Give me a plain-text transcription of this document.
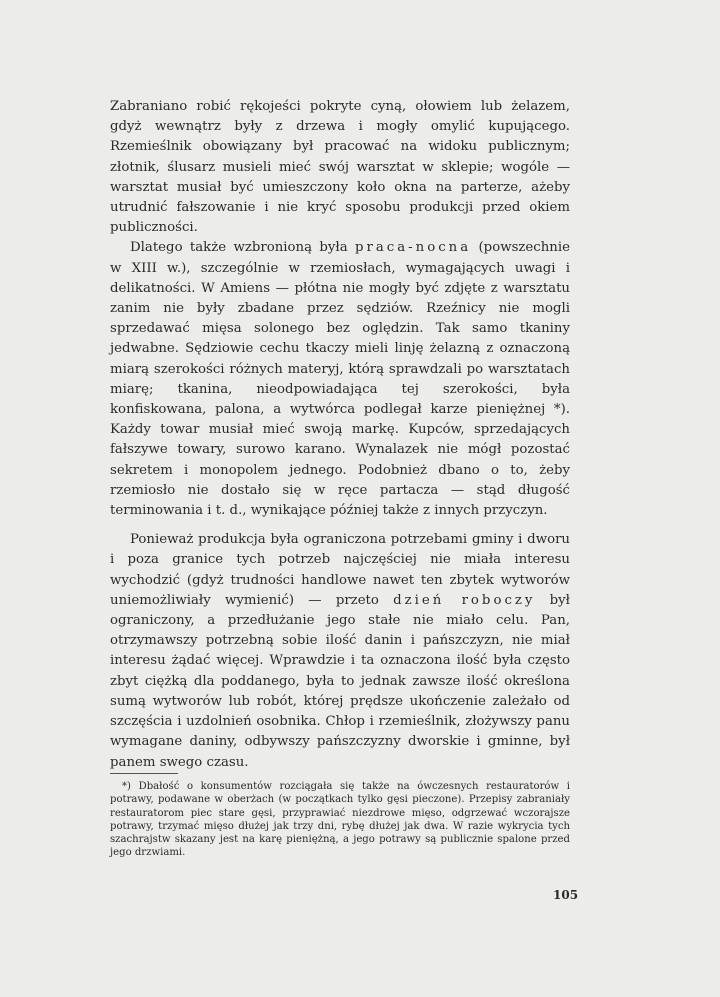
Zabraniano robić rękojeści pokryte cyną, ołowiem lub żelazem, gdyż wewnątrz były z drzewa i mogły omylić kupującego. Rzemieślnik obowiązany był pracować na widoku publicznym; złotnik, ślusarz musieli mieć swój warsztat w sklepie; wogóle — warsztat musiał być umieszczony koło okna na parterze, ażeby utrudnić fałszowanie i nie kryć sposobu produkcji przed okiem publiczności.

Dlatego także wzbronioną była praca-nocna (powszechnie w XIII w.), szczególnie w rzemiosłach, wymagających uwagi i delikatności. W Amiens — płótna nie mogły być zdjęte z warsztatu zanim nie były zbadane przez sędziów. Rzeźnicy nie mogli sprzedawać mięsa solonego bez oględzin. Tak samo tkaniny jedwabne. Sędziowie cechu tkaczy mieli linję żelazną z oznaczoną miarą szerokości różnych materyj, którą sprawdzali po warsztatach miarę; tkanina, nieodpowiadająca tej szerokości, była konfiskowana, palona, a wytwórca podlegał karze pieniężnej *). Każdy towar musiał mieć swoją markę. Kupców, sprzedających fałszywe towary, surowo karano. Wynalazek nie mógł pozostać sekretem i monopolem jednego. Podobnież dbano o to, żeby rzemiosło nie dostało się w ręce partacza — stąd długość terminowania i t. d., wynikające później także z innych przyczyn.

Ponieważ produkcja była ograniczona potrzebami gminy i dworu i poza granice tych potrzeb najczęściej nie miała interesu wychodzić (gdyż trudności handlowe nawet ten zbytek wytworów uniemożliwiały wymienić) — przeto dzień roboczy był ograniczony, a przedłużanie jego stałe nie miało celu. Pan, otrzymawszy potrzebną sobie ilość danin i pańszczyzn, nie miał interesu żądać więcej. Wprawdzie i ta oznaczona ilość była często zbyt ciężką dla poddanego, była to jednak zawsze ilość określona sumą wytworów lub robót, której prędsze ukończenie zależało od szczęścia i uzdolnień osobnika. Chłop i rzemieślnik, złożywszy panu wymagane daniny, odbywszy pańszczyzny dworskie i gminne, był panem swego czasu.

*) Dbałość o konsumentów rozciągała się także na ówczesnych restauratorów i potrawy, podawane w oberżach (w początkach tylko gęsi pieczone). Przepisy zabraniały restauratorom piec stare gęsi, przyprawiać niezdrowe mięso, odgrzewać wczorajsze potrawy, trzymać mięso dłużej jak trzy dni, rybę dłużej jak dwa. W razie wykrycia tych szachrajstw skazany jest na karę pieniężną, a jego potrawy są publicznie spalone przed jego drzwiami.
105
